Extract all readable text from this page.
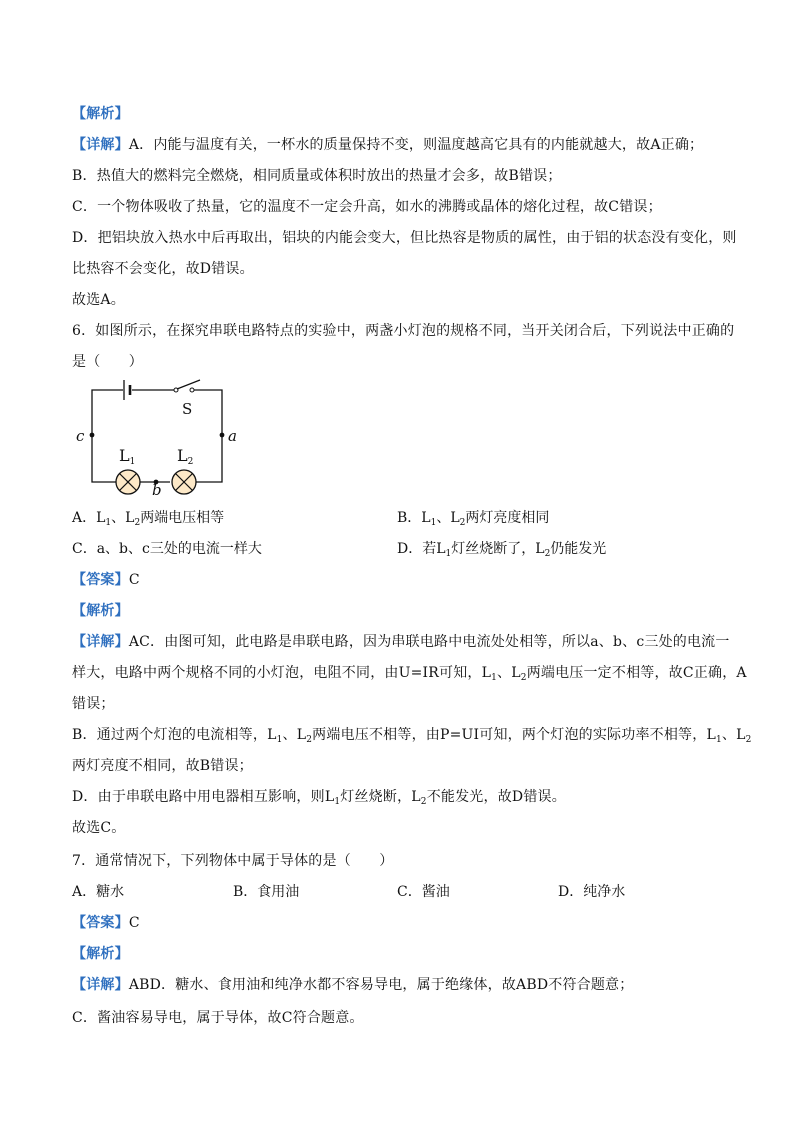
【解析】
【详解】A．内能与温度有关，一杯水的质量保持不变，则温度越高它具有的内能就越大，故A正确；
B．热值大的燃料完全燃烧，相同质量或体积时放出的热量才会多，故B错误；
C．一个物体吸收了热量，它的温度不一定会升高，如水的沸腾或晶体的熔化过程，故C错误；
D．把铝块放入热水中后再取出，铝块的内能会变大，但比热容是物质的属性，由于铝的状态没有变化，则
比热容不会变化，故D错误。
故选A。
6．如图所示，在探究串联电路特点的实验中，两盏小灯泡的规格不同，当开关闭合后，下列说法中正确的
是（　　）
S
c	a
L1
b
L2
A．$L_1$、$L_2$两端电压相等	B．$L_1$、$L_2$两灯亮度相同
C．a、b、c三处的电流一样大	D．若$L_1$灯丝烧断了，$L_2$仍能发光
【答案】C
【解析】
【详解】AC．由图可知，此电路是串联电路，因为串联电路中电流处处相等，所以a、b、c三处的电流一
样大，电路中两个规格不同的小灯泡，电阻不同，由U=IR可知，$L_1$、$L_2$两端电压一定不相等，故C正确，A
错误；
B．通过两个灯泡的电流相等，$L_1$、$L_2$两端电压不相等，由P=UI可知，两个灯泡的实际功率不相等，$L_1$、$L_2$
两灯亮度不相同，故B错误；
D．由于串联电路中用电器相互影响，则$L_1$灯丝烧断，$L_2$不能发光，故D错误。
故选C。
7．通常情况下，下列物体中属于导体的是（　　）
A．糖水	B．食用油	C．酱油	D．纯净水
【答案】C
【解析】
【详解】ABD．糖水、食用油和纯净水都不容易导电，属于绝缘体，故ABD不符合题意；
C．酱油容易导电，属于导体，故C符合题意。
